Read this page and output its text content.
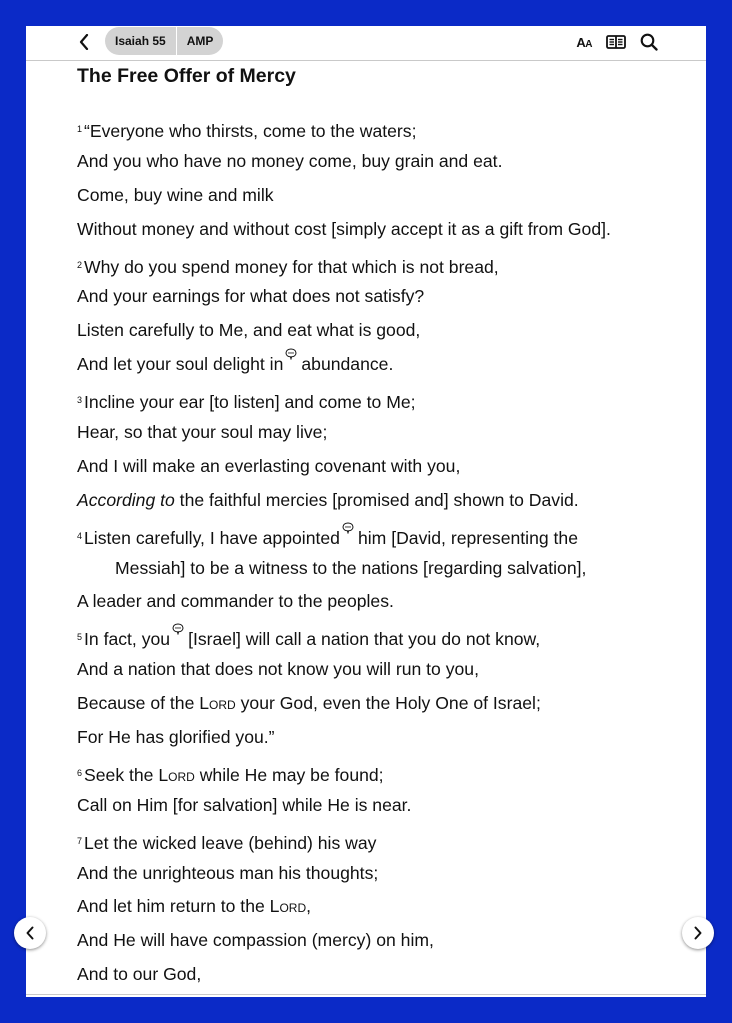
Isaiah 55	AMP	AA
The Free Offer of Mercy
$^1$ “Everyone who thirsts, come to the waters;
And you who have no money come, buy grain and eat.
Come, buy wine and milk
Without money and without cost [simply accept it as a gift from God].
$^2$ Why do you spend money for that which is not bread,
And your earnings for what does not satisfy?
Listen carefully to Me, and eat what is good,
And let your soul delight in abundance.
$^3$ Incline your ear [to listen] and come to Me;
Hear, so that your soul may live;
And I will make an everlasting covenant with you,
According to the faithful mercies [promised and] shown to David.
$^4$ Listen carefully, I have appointed him [David, representing the
Messiah] to be a witness to the nations [regarding salvation],
A leader and commander to the peoples.
$^5$ In fact, you [Israel] will call a nation that you do not know,
And a nation that does not know you will run to you,
Because of the Lord your God, even the Holy One of Israel;
For He has glorified you.”
$^6$ Seek the Lord while He may be found;
Call on Him [for salvation] while He is near.
$^7$ Let the wicked leave (behind) his way
And the unrighteous man his thoughts;
And let him return to the Lord,
And He will have compassion (mercy) on him,
And to our God,
